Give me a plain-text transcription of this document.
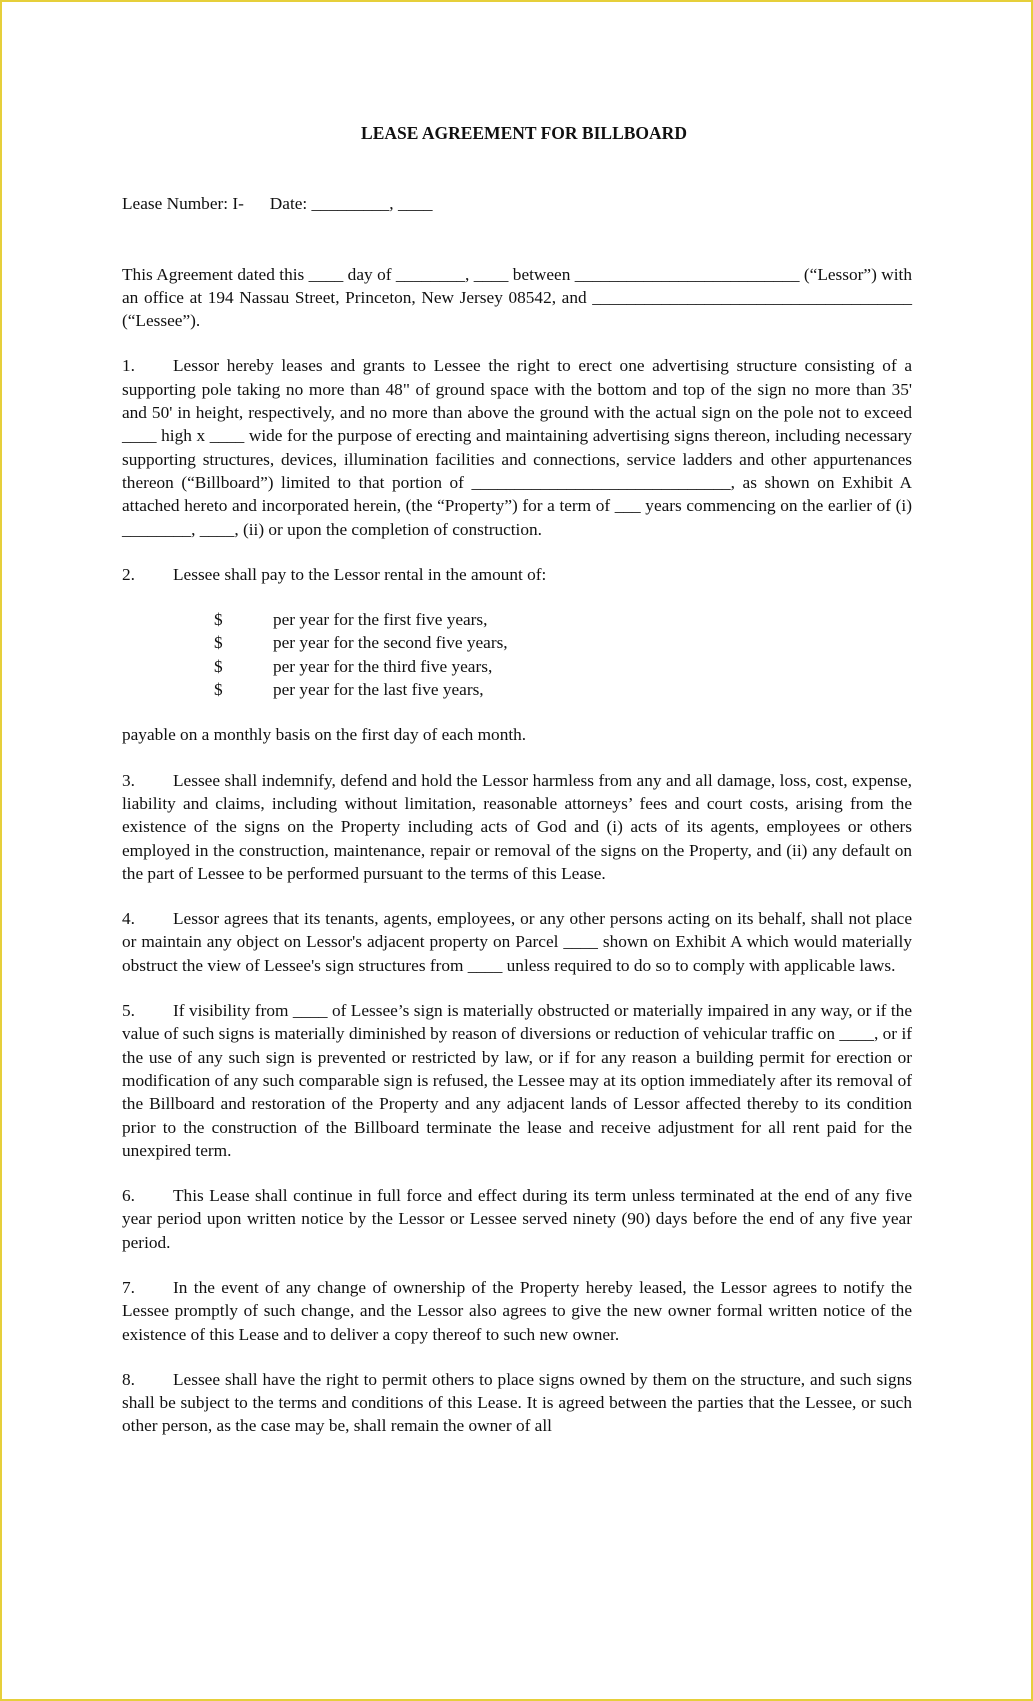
LEASE AGREEMENT FOR BILLBOARD
Lease Number: I-      Date: _________, ____

This Agreement dated this ____ day of ________, ____ between __________________________ (“Lessor”) with an office at 194 Nassau Street, Princeton, New Jersey 08542, and _____________________________________ (“Lessee”).

1. Lessor hereby leases and grants to Lessee the right to erect one advertising structure consisting of a supporting pole taking no more than 48" of ground space with the bottom and top of the sign no more than 35' and 50' in height, respectively, and no more than above the ground with the actual sign on the pole not to exceed ____ high x ____ wide for the purpose of erecting and maintaining advertising signs thereon, including necessary supporting structures, devices, illumination facilities and connections, service ladders and other appurtenances thereon (“Billboard”) limited to that portion of ______________________________, as shown on Exhibit A attached hereto and incorporated herein, (the “Property”) for a term of ___ years commencing on the earlier of (i) ________, ____, (ii) or upon the completion of construction.

2. Lessee shall pay to the Lessor rental in the amount of:

$	per year for the first five years,
$	per year for the second five years,
$	per year for the third five years,
$	per year for the last five years,

payable on a monthly basis on the first day of each month.

3. Lessee shall indemnify, defend and hold the Lessor harmless from any and all damage, loss, cost, expense, liability and claims, including without limitation, reasonable attorneys’ fees and court costs, arising from the existence of the signs on the Property including acts of God and (i) acts of its agents, employees or others employed in the construction, maintenance, repair or removal of the signs on the Property, and (ii) any default on the part of Lessee to be performed pursuant to the terms of this Lease.

4. Lessor agrees that its tenants, agents, employees, or any other persons acting on its behalf, shall not place or maintain any object on Lessor's adjacent property on Parcel ____ shown on Exhibit A which would materially obstruct the view of Lessee's sign structures from ____ unless required to do so to comply with applicable laws.

5. If visibility from ____ of Lessee’s sign is materially obstructed or materially impaired in any way, or if the value of such signs is materially diminished by reason of diversions or reduction of vehicular traffic on ____, or if the use of any such sign is prevented or restricted by law, or if for any reason a building permit for erection or modification of any such comparable sign is refused, the Lessee may at its option immediately after its removal of the Billboard and restoration of the Property and any adjacent lands of Lessor affected thereby to its condition prior to the construction of the Billboard terminate the lease and receive adjustment for all rent paid for the unexpired term.

6. This Lease shall continue in full force and effect during its term unless terminated at the end of any five year period upon written notice by the Lessor or Lessee served ninety (90) days before the end of any five year period.

7. In the event of any change of ownership of the Property hereby leased, the Lessor agrees to notify the Lessee promptly of such change, and the Lessor also agrees to give the new owner formal written notice of the existence of this Lease and to deliver a copy thereof to such new owner.

8. Lessee shall have the right to permit others to place signs owned by them on the structure, and such signs shall be subject to the terms and conditions of this Lease. It is agreed between the parties that the Lessee, or such other person, as the case may be, shall remain the owner of all
